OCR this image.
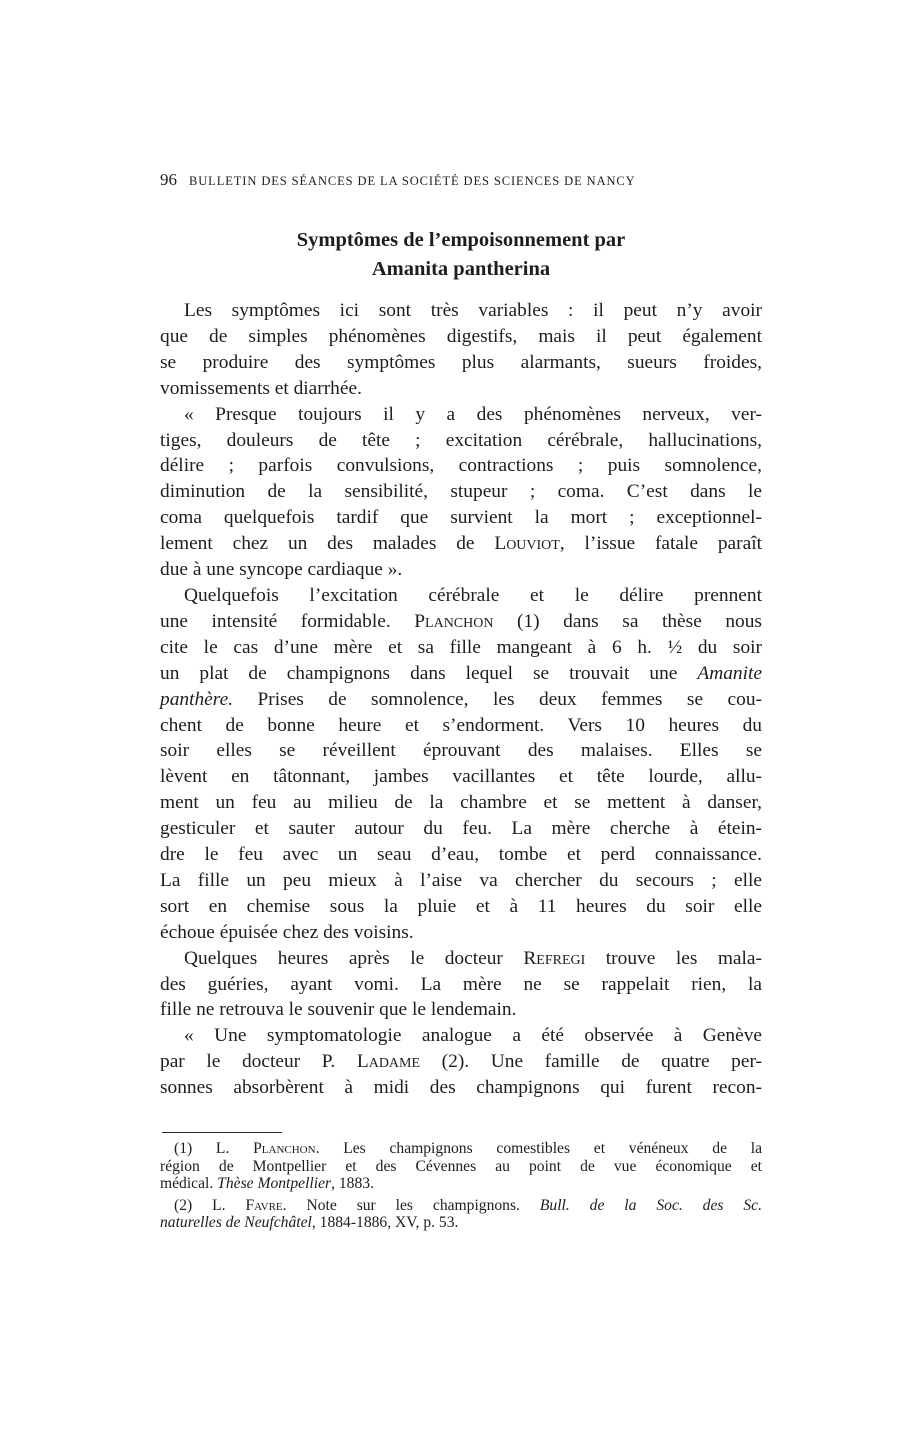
96 BULLETIN DES SÉANCES DE LA SOCIÉTÉ DES SCIENCES DE NANCY
Symptômes de l’empoisonnement par
Amanita pantherina

Les symptômes ici sont très variables : il peut n’y avoir
que de simples phénomènes digestifs, mais il peut également
se produire des symptômes plus alarmants, sueurs froides,
vomissements et diarrhée.

« Presque toujours il y a des phénomènes nerveux, ver-
tiges, douleurs de tête ; excitation cérébrale, hallucinations,
délire ; parfois convulsions, contractions ; puis somnolence,
diminution de la sensibilité, stupeur ; coma. C’est dans le
coma quelquefois tardif que survient la mort ; exceptionnel-
lement chez un des malades de Louviot, l’issue fatale paraît
due à une syncope cardiaque ».

Quelquefois l’excitation cérébrale et le délire prennent
une intensité formidable. Planchon (1) dans sa thèse nous
cite le cas d’une mère et sa fille mangeant à 6 h. ½ du soir
un plat de champignons dans lequel se trouvait une Amanite
panthère. Prises de somnolence, les deux femmes se cou-
chent de bonne heure et s’endorment. Vers 10 heures du
soir elles se réveillent éprouvant des malaises. Elles se
lèvent en tâtonnant, jambes vacillantes et tête lourde, allu-
ment un feu au milieu de la chambre et se mettent à danser,
gesticuler et sauter autour du feu. La mère cherche à étein-
dre le feu avec un seau d’eau, tombe et perd connaissance.
La fille un peu mieux à l’aise va chercher du secours ; elle
sort en chemise sous la pluie et à 11 heures du soir elle
échoue épuisée chez des voisins.

Quelques heures après le docteur Refregi trouve les mala-
des guéries, ayant vomi. La mère ne se rappelait rien, la
fille ne retrouva le souvenir que le lendemain.

« Une symptomatologie analogue a été observée à Genève
par le docteur P. Ladame (2). Une famille de quatre per-
sonnes absorbèrent à midi des champignons qui furent recon-

(1) L. Planchon. Les champignons comestibles et vénéneux de la
région de Montpellier et des Cévennes au point de vue économique et
médical. Thèse Montpellier, 1883.
(2) L. Favre. Note sur les champignons. Bull. de la Soc. des Sc.
naturelles de Neufchâtel, 1884-1886, XV, p. 53.
